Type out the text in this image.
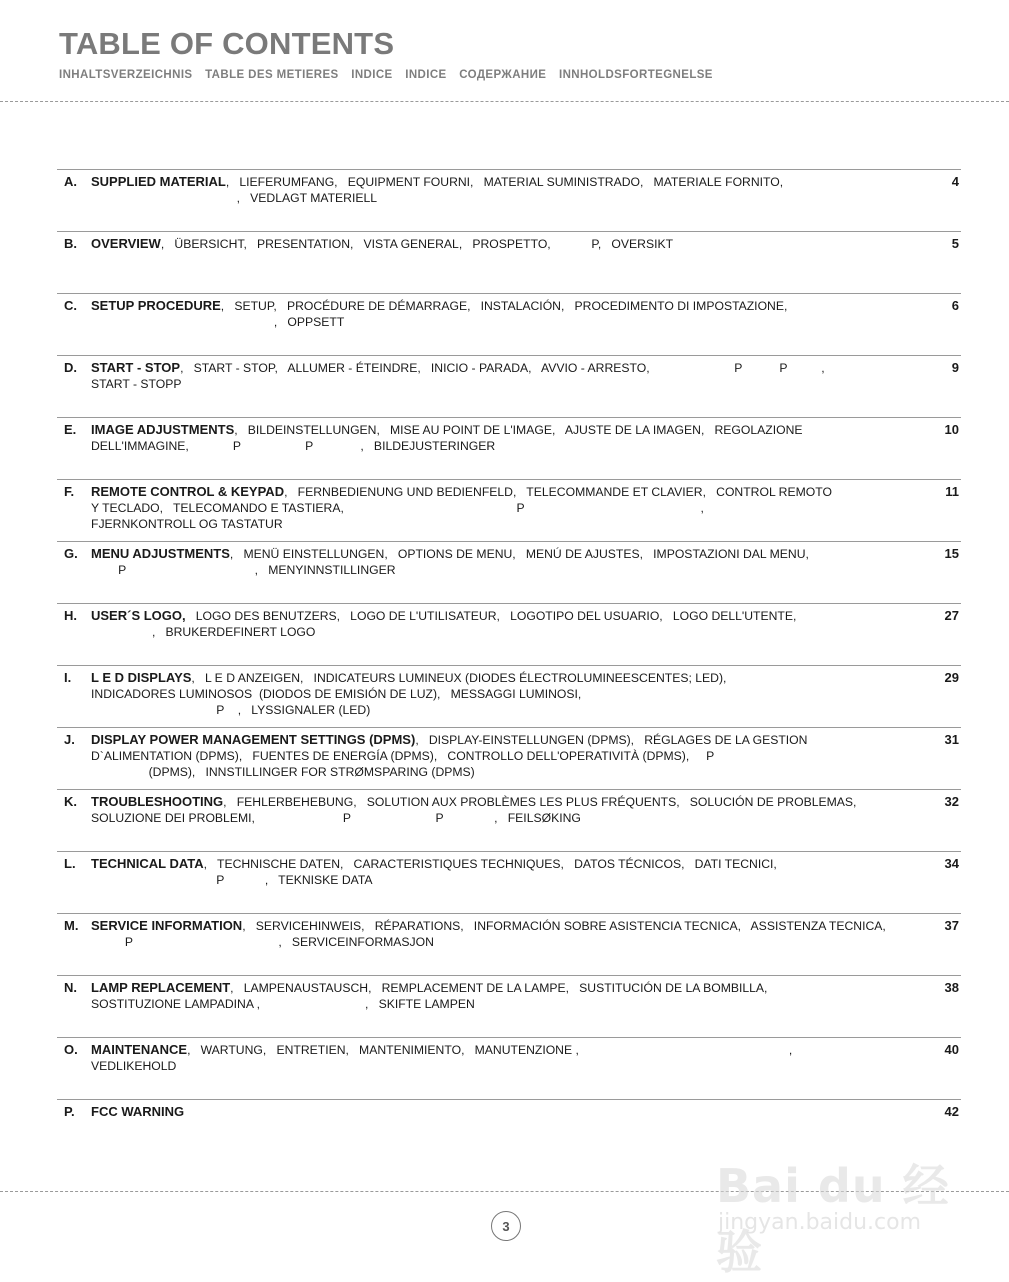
TABLE OF CONTENTS
INHALTSVERZEICHNIS TABLE DES METIERES INDICE INDICE СОДЕРЖАНИЕ INNHOLDSFORTEGNELSE
A. SUPPLIED MATERIAL,   LIEFERUMFANG,   EQUIPMENT FOURNI,   MATERIAL SUMINISTRADO,   MATERIALE FORNITO,
,   VEDLAGT MATERIELL
4
B. OVERVIEW,   ÜBERSICHT,   PRESENTATION,   VISTA GENERAL,   PROSPETTO,            P,   OVERSIKT	5
C. SETUP PROCEDURE,   SETUP,   PROCÉDURE DE DÉMARRAGE,   INSTALACIÓN,   PROCEDIMENTO DI IMPOSTAZIONE,
,   OPPSETT
6
D. START - STOP,   START - STOP,   ALLUMER - ÉTEINDRE,   INICIO - PARADA,   AVVIO - ARRESTO,                         P           P          ,
START - STOPP
9
E. IMAGE ADJUSTMENTS,   BILDEINSTELLUNGEN,   MISE AU POINT DE L'IMAGE,   AJUSTE DE LA IMAGEN,   REGOLAZIONE
DELL'IMMAGINE,             P                   P              ,   BILDEJUSTERINGER
10
F. REMOTE CONTROL & KEYPAD,   FERNBEDIENUNG UND BEDIENFELD,   TELECOMMANDE ET CLAVIER,   CONTROL REMOTO
Y TECLADO,   TELECOMANDO E TASTIERA,                                                   P                                                    ,
FJERNKONTROLL OG TASTATUR
11
G. MENU ADJUSTMENTS,   MENÜ EINSTELLUNGEN,   OPTIONS DE MENU,   MENÚ DE AJUSTES,   IMPOSTAZIONI DAL MENU,
P                                      ,   MENYINNSTILLINGER
15
H. USER´S LOGO,   LOGO DES BENUTZERS,   LOGO DE L'UTILISATEUR,   LOGOTIPO DEL USUARIO,   LOGO DELL'UTENTE,
,   BRUKERDEFINERT LOGO
27
I. L E D DISPLAYS,   L E D ANZEIGEN,   INDICATEURS LUMINEUX (DIODES ÉLECTROLUMINEESCENTES; LED),
INDICADORES LUMINOSOS  (DIODOS DE EMISIÓN DE LUZ),   MESSAGGI LUMINOSI,
P    ,   LYSSIGNALER (LED)
29
J. DISPLAY POWER MANAGEMENT SETTINGS (DPMS),   DISPLAY-EINSTELLUNGEN (DPMS),   RÉGLAGES DE LA GESTION
D`ALIMENTATION (DPMS),   FUENTES DE ENERGÍA (DPMS),   CONTROLLO DELL'OPERATIVITÀ (DPMS),     P
(DPMS),   INNSTILLINGER FOR STRØMSPARING (DPMS)
31
K. TROUBLESHOOTING,   FEHLERBEHEBUNG,   SOLUTION AUX PROBLÈMES LES PLUS FRÉQUENTS,   SOLUCIÓN DE PROBLEMAS,
SOLUZIONE DEI PROBLEMI,                          P                         P               ,   FEILSØKING
32
L. TECHNICAL DATA,   TECHNISCHE DATEN,   CARACTERISTIQUES TECHNIQUES,   DATOS TÉCNICOS,   DATI TECNICI,
P            ,   TEKNISKE DATA
34
M. SERVICE INFORMATION,   SERVICEHINWEIS,   RÉPARATIONS,   INFORMACIÓN SOBRE ASISTENCIA TECNICA,   ASSISTENZA TECNICA,
P                                           ,   SERVICEINFORMASJON
37
N. LAMP REPLACEMENT,   LAMPENAUSTAUSCH,   REMPLACEMENT DE LA LAMPE,   SUSTITUCIÓN DE LA BOMBILLA,
SOSTITUZIONE LAMPADINA ,                               ,   SKIFTE LAMPEN
38
O. MAINTENANCE,   WARTUNG,   ENTRETIEN,   MANTENIMIENTO,   MANUTENZIONE ,                                                              ,
VEDLIKEHOLD
40
P. FCC WARNING	42
Bai du 经验
jingyan.baidu.com
3
